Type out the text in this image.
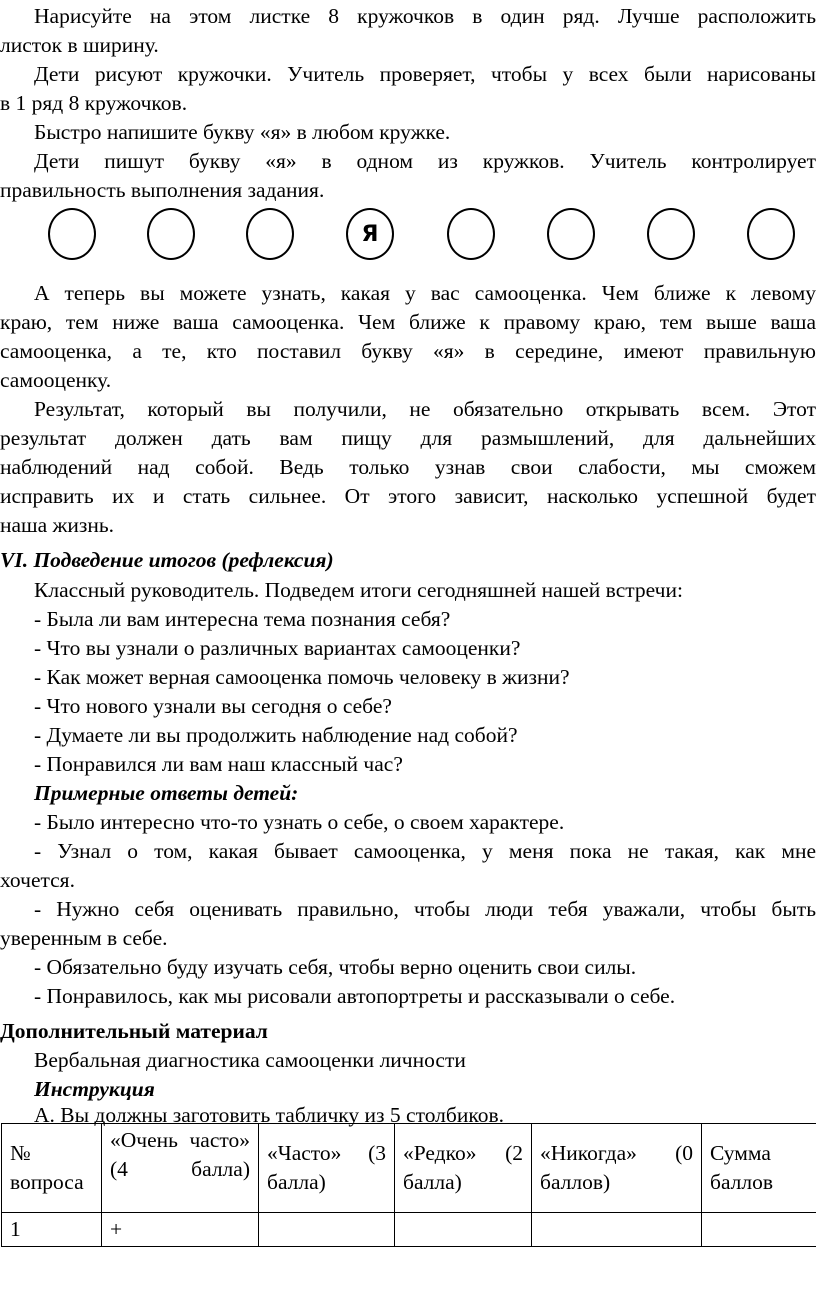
Нарисуйте на этом листке 8 кружочков в один ряд. Лучше расположить
листок в ширину.
Дети рисуют кружочки. Учитель проверяет, чтобы у всех были нарисованы
в 1 ряд 8 кружочков.
Быстро напишите букву «я» в любом кружке.
Дети пишут букву «я» в одном из кружков. Учитель контролирует
правильность выполнения задания.
Я
А теперь вы можете узнать, какая у вас самооценка. Чем ближе к левому
краю, тем ниже ваша самооценка. Чем ближе к правому краю, тем выше ваша
самооценка, а те, кто поставил букву «я» в середине, имеют правильную
самооценку.
Результат, который вы получили, не обязательно открывать всем. Этот
результат должен дать вам пищу для размышлений, для дальнейших
наблюдений над собой. Ведь только узнав свои слабости, мы сможем
исправить их и стать сильнее. От этого зависит, насколько успешной будет
наша жизнь.
VI. Подведение итогов (рефлексия)
Классный руководитель. Подведем итоги сегодняшней нашей встречи:
- Была ли вам интересна тема познания себя?
- Что вы узнали о различных вариантах самооценки?
- Как может верная самооценка помочь человеку в жизни?
- Что нового узнали вы сегодня о себе?
- Думаете ли вы продолжить наблюдение над собой?
- Понравился ли вам наш классный час?
Примерные ответы детей:
- Было интересно что-то узнать о себе, о своем характере.
- Узнал о том, какая бывает самооценка, у меня пока не такая, как мне
хочется.
- Нужно себя оценивать правильно, чтобы люди тебя уважали, чтобы быть
уверенным в себе.
- Обязательно буду изучать себя, чтобы верно оценить свои силы.
- Понравилось, как мы рисовали автопортреты и рассказывали о себе.
Дополнительный материал
Вербальная диагностика самооценки личности
Инструкция
А. Вы должны заготовить табличку из 5 столбиков.
№ вопроса	«Очень часто» (4 балла)	«Часто» (3 балла)	«Редко» (2 балла)	«Никогда» (0 баллов)	Сумма баллов
1	+				
